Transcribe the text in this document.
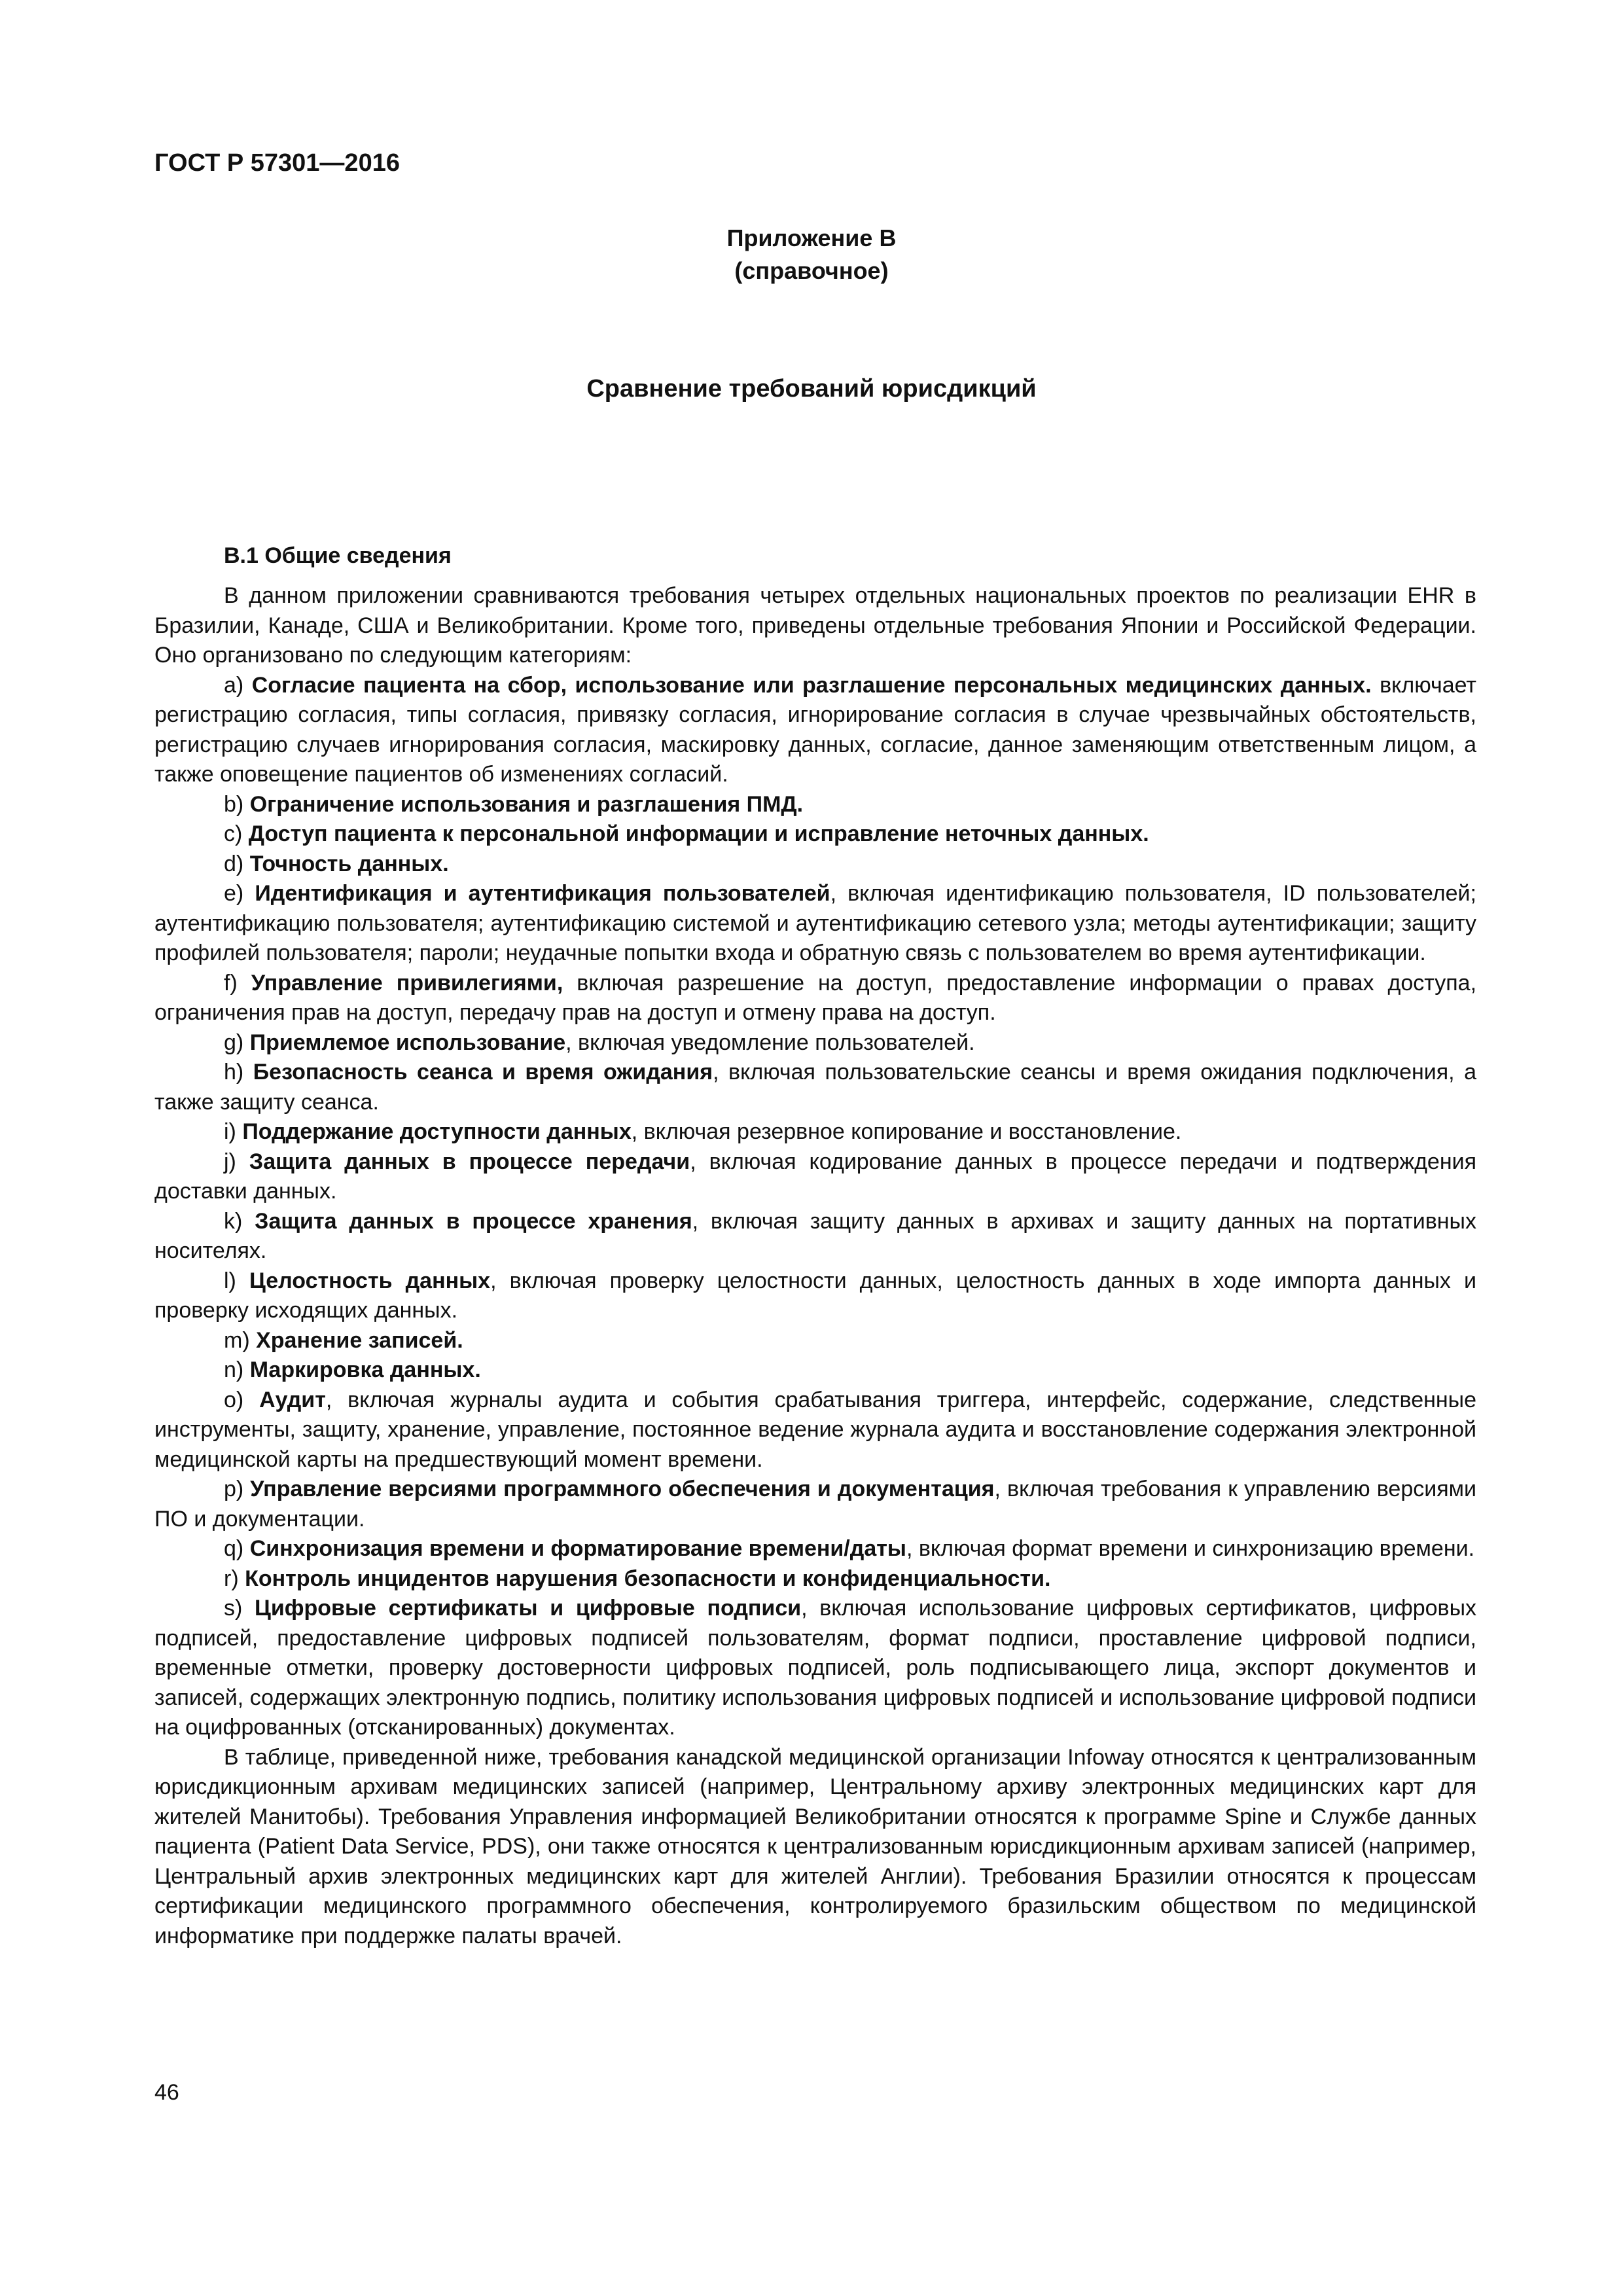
ГОСТ Р 57301—2016

Приложение В

(справочное)

Сравнение требований юрисдикций

В.1 Общие сведения

В данном приложении сравниваются требования четырех отдельных национальных проектов по реализации EHR в Бразилии, Канаде, США и Великобритании. Кроме того, приведены отдельные требования Японии и Российской Федерации. Оно организовано по следующим категориям:

a) Согласие пациента на сбор, использование или разглашение персональных медицинских данных. включает регистрацию согласия, типы согласия, привязку согласия, игнорирование согласия в случае чрезвычайных обстоятельств, регистрацию случаев игнорирования согласия, маскировку данных, согласие, данное заменяющим ответственным лицом, а также оповещение пациентов об изменениях согласий.

b) Ограничение использования и разглашения ПМД.

c) Доступ пациента к персональной информации и исправление неточных данных.

d) Точность данных.

e) Идентификация и аутентификация пользователей, включая идентификацию пользователя, ID пользователей; аутентификацию пользователя; аутентификацию системой и аутентификацию сетевого узла; методы аутентификации; защиту профилей пользователя; пароли; неудачные попытки входа и обратную связь с пользователем во время аутентификации.

f) Управление привилегиями, включая разрешение на доступ, предоставление информации о правах доступа, ограничения прав на доступ, передачу прав на доступ и отмену права на доступ.

g) Приемлемое использование, включая уведомление пользователей.

h) Безопасность сеанса и время ожидания, включая пользовательские сеансы и время ожидания подключения, а также защиту сеанса.

i) Поддержание доступности данных, включая резервное копирование и восстановление.

j) Защита данных в процессе передачи, включая кодирование данных в процессе передачи и подтверждения доставки данных.

k) Защита данных в процессе хранения, включая защиту данных в архивах и защиту данных на портативных носителях.

l) Целостность данных, включая проверку целостности данных, целостность данных в ходе импорта данных и проверку исходящих данных.

m) Хранение записей.

n) Маркировка данных.

o) Аудит, включая журналы аудита и события срабатывания триггера, интерфейс, содержание, следственные инструменты, защиту, хранение, управление, постоянное ведение журнала аудита и восстановление содержания электронной медицинской карты на предшествующий момент времени.

p) Управление версиями программного обеспечения и документация, включая требования к управлению версиями ПО и документации.

q) Синхронизация времени и форматирование времени/даты, включая формат времени и синхронизацию времени.

r) Контроль инцидентов нарушения безопасности и конфиденциальности.

s) Цифровые сертификаты и цифровые подписи, включая использование цифровых сертификатов, цифровых подписей, предоставление цифровых подписей пользователям, формат подписи, проставление цифровой подписи, временные отметки, проверку достоверности цифровых подписей, роль подписывающего лица, экспорт документов и записей, содержащих электронную подпись, политику использования цифровых подписей и использование цифровой подписи на оцифрованных (отсканированных) документах.

В таблице, приведенной ниже, требования канадской медицинской организации Infoway относятся к централизованным юрисдикционным архивам медицинских записей (например, Центральному архиву электронных медицинских карт для жителей Манитобы). Требования Управления информацией Великобритании относятся к программе Spine и Службе данных пациента (Patient Data Service, PDS), они также относятся к централизованным юрисдикционным архивам записей (например, Центральный архив электронных медицинских карт для жителей Англии). Требования Бразилии относятся к процессам сертификации медицинского программного обеспечения, контролируемого бразильским обществом по медицинской информатике при поддержке палаты врачей.

46
